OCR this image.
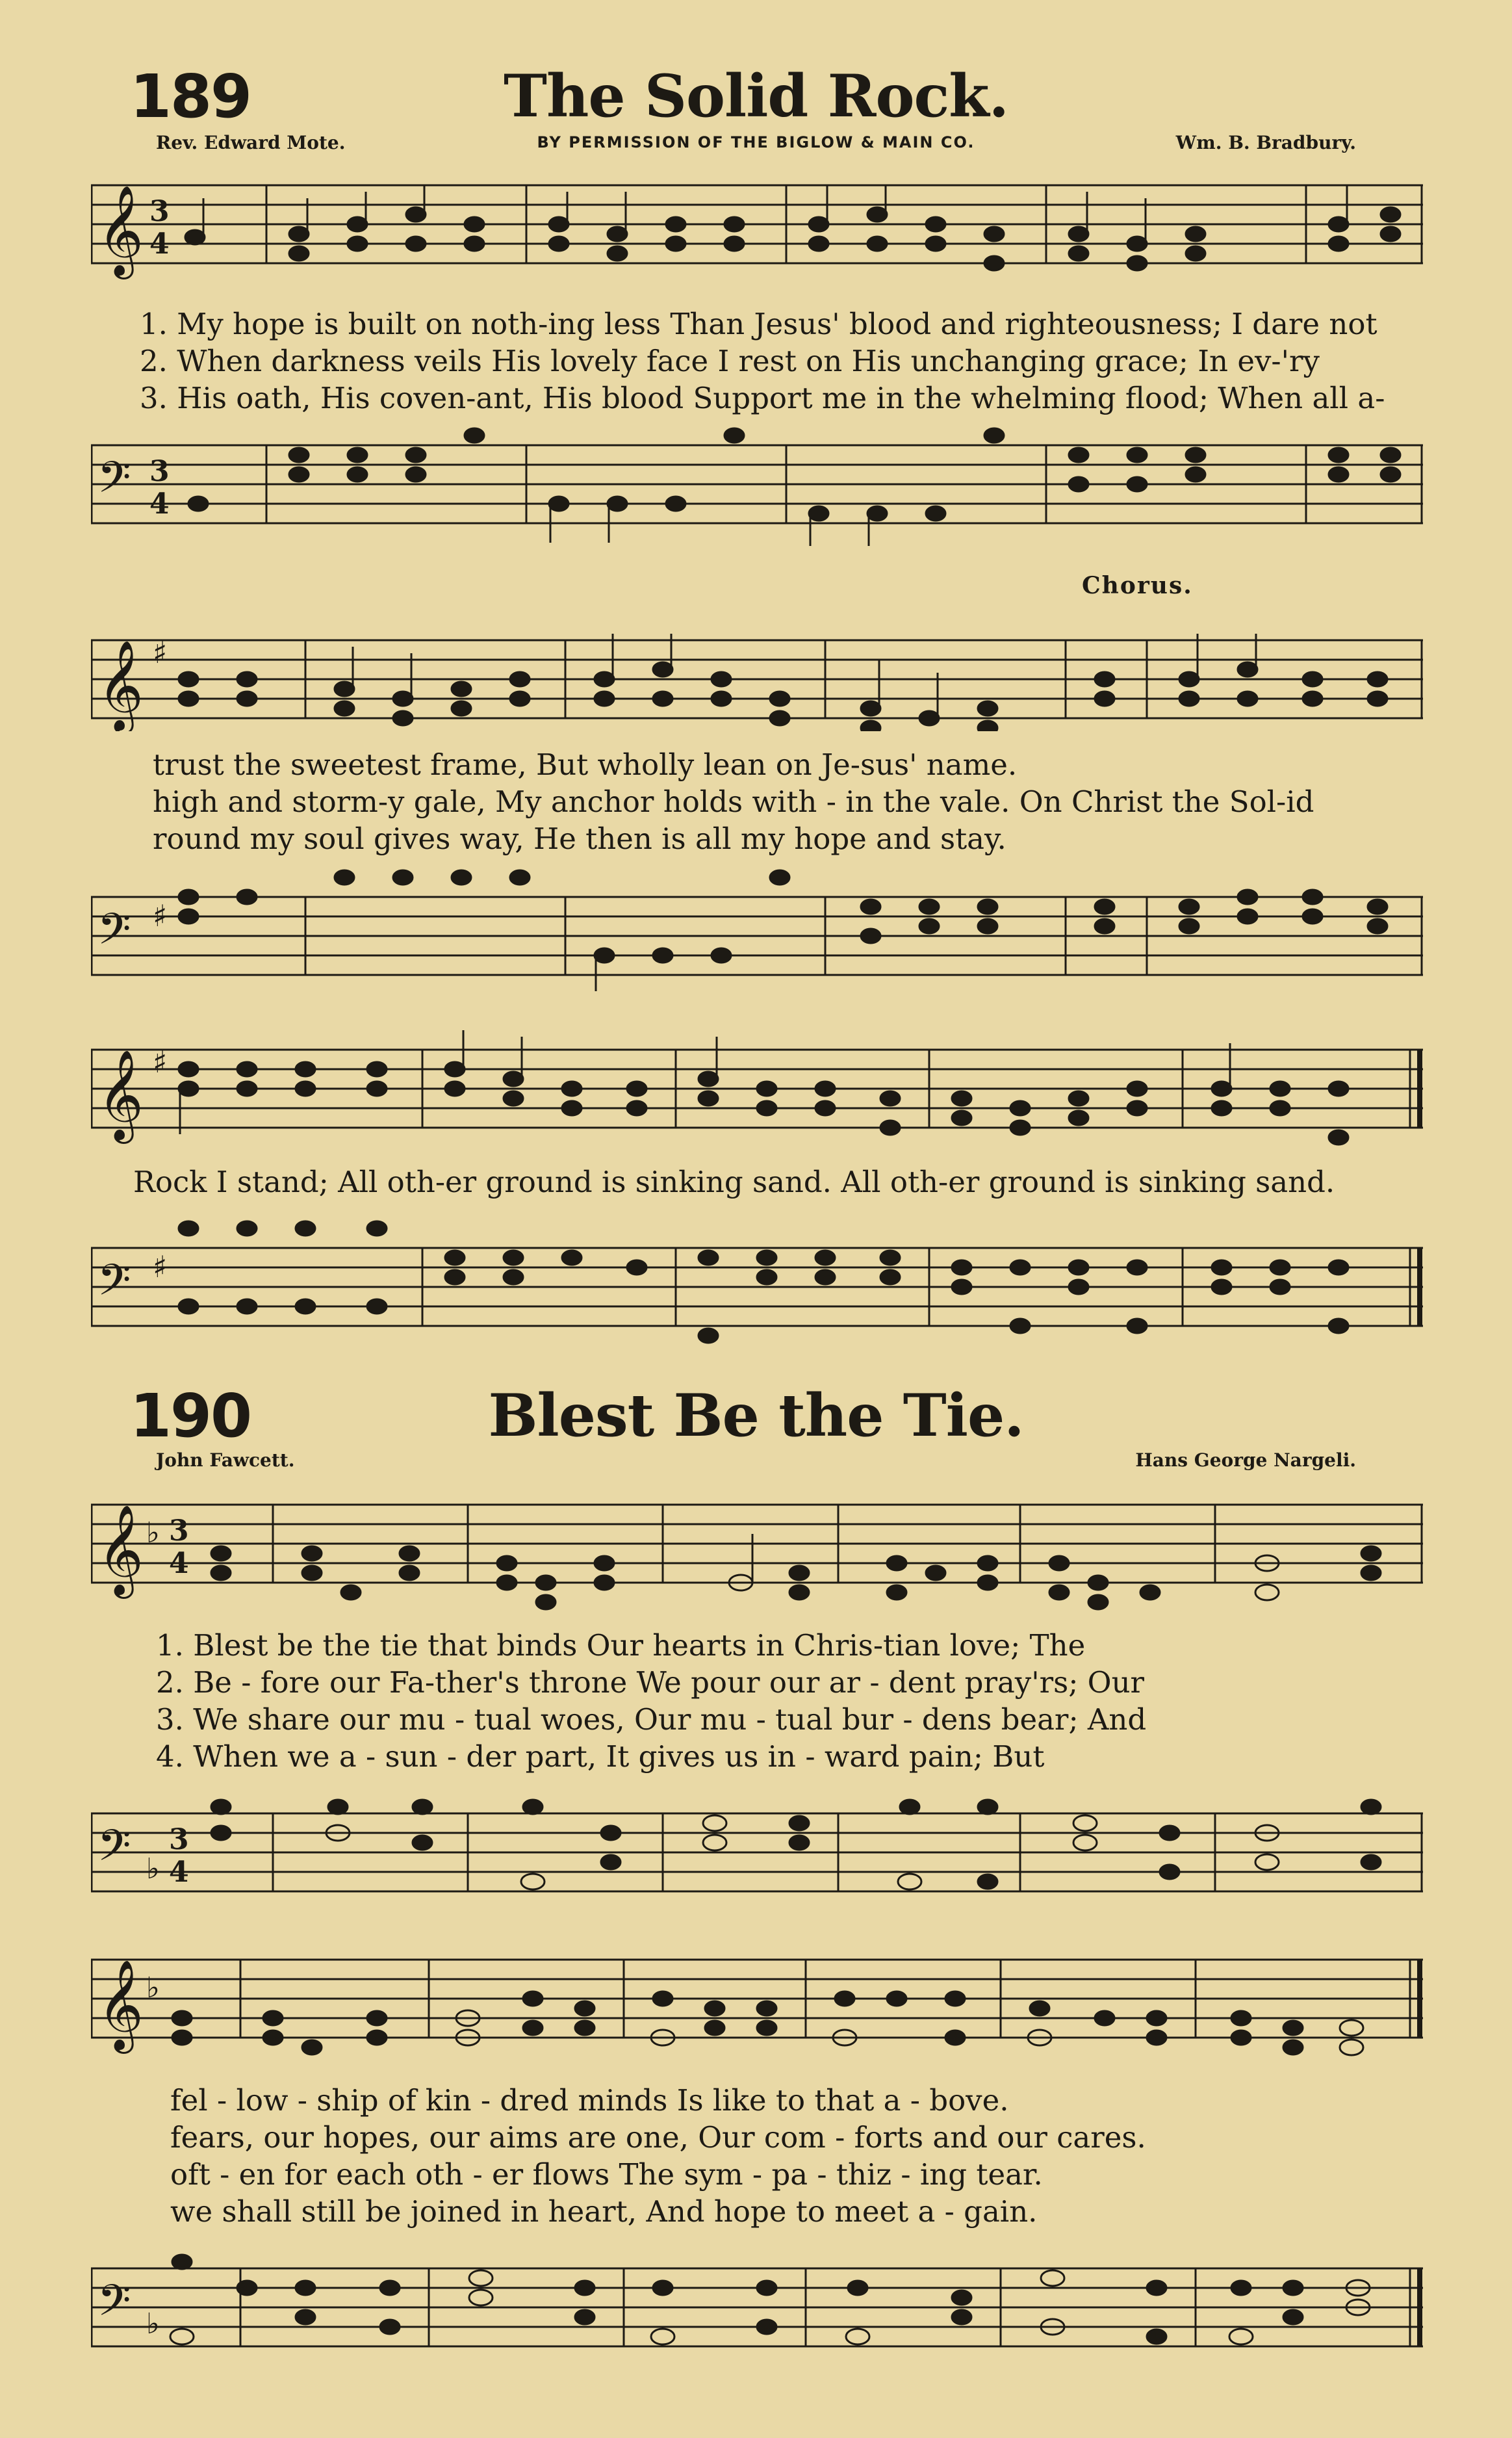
189	The Solid Rock.
Rev. Edward Mote.	BY PERMISSION OF THE BIGLOW & MAIN CO.	Wm. B. Bradbury.
𝄞 3
4
1. My hope is built on noth-ing less Than Jesus' blood and righteousness; I dare not
2. When darkness veils His lovely face I rest on His unchanging grace; In ev-'ry
3. His oath, His coven-ant, His blood Support me in the whelming flood; When all a-
𝄢 3
4
Chorus.
𝄞 ♯
trust the sweetest frame, But wholly lean on Je-sus' name.
high and storm-y gale, My anchor holds with - in the vale. On Christ the Sol-id
round my soul gives way, He then is all my hope and stay.
𝄢 ♯
𝄞 ♯
Rock I stand; All oth-er ground is sinking sand. All oth-er ground is sinking sand.
𝄢 ♯
190	Blest Be the Tie.
John Fawcett.	Hans George Nargeli.
𝄞 ♭ 3
4
1. Blest be the tie that binds Our hearts in Chris-tian love; The
2. Be - fore our Fa-ther's throne We pour our ar - dent pray'rs; Our
3. We share our mu - tual woes, Our mu - tual bur - dens bear; And
4. When we a - sun - der part, It gives us in - ward pain; But
𝄢 ♭
3
4
𝄞 ♭
fel - low - ship of kin - dred minds Is like to that a - bove.
fears, our hopes, our aims are one, Our com - forts and our cares.
oft - en for each oth - er flows The sym - pa - thiz - ing tear.
we shall still be joined in heart, And hope to meet a - gain.
𝄢 ♭
